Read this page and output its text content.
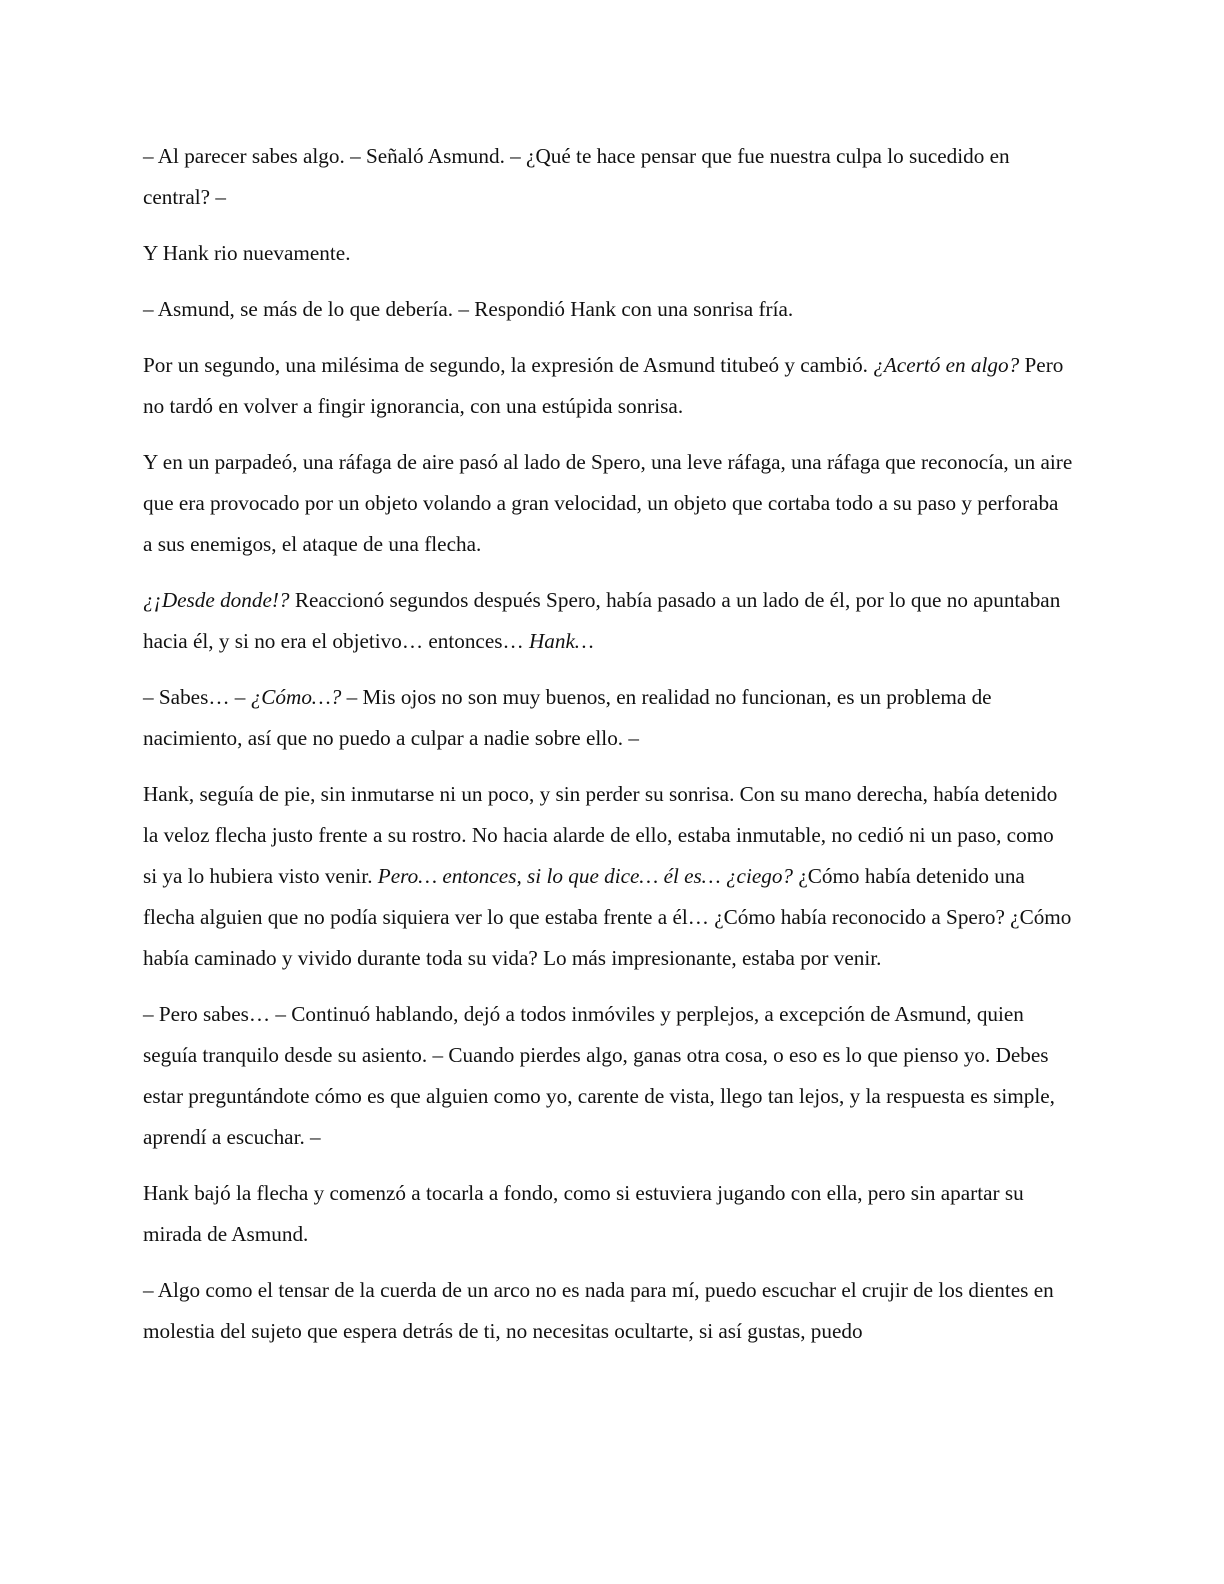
– Al parecer sabes algo. – Señaló Asmund. – ¿Qué te hace pensar que fue nuestra culpa lo sucedido en central? –

Y Hank rio nuevamente.

– Asmund, se más de lo que debería. – Respondió Hank con una sonrisa fría.

Por un segundo, una milésima de segundo, la expresión de Asmund titubeó y cambió. ¿Acertó en algo? Pero no tardó en volver a fingir ignorancia, con una estúpida sonrisa.

Y en un parpadeó, una ráfaga de aire pasó al lado de Spero, una leve ráfaga, una ráfaga que reconocía, un aire que era provocado por un objeto volando a gran velocidad, un objeto que cortaba todo a su paso y perforaba a sus enemigos, el ataque de una flecha.

¿¡Desde donde!? Reaccionó segundos después Spero, había pasado a un lado de él, por lo que no apuntaban hacia él, y si no era el objetivo… entonces… Hank…

– Sabes… – ¿Cómo…? – Mis ojos no son muy buenos, en realidad no funcionan, es un problema de nacimiento, así que no puedo a culpar a nadie sobre ello. –

Hank, seguía de pie, sin inmutarse ni un poco, y sin perder su sonrisa. Con su mano derecha, había detenido la veloz flecha justo frente a su rostro. No hacia alarde de ello, estaba inmutable, no cedió ni un paso, como si ya lo hubiera visto venir. Pero… entonces, si lo que dice… él es… ¿ciego? ¿Cómo había detenido una flecha alguien que no podía siquiera ver lo que estaba frente a él… ¿Cómo había reconocido a Spero? ¿Cómo había caminado y vivido durante toda su vida? Lo más impresionante, estaba por venir.

– Pero sabes… – Continuó hablando, dejó a todos inmóviles y perplejos, a excepción de Asmund, quien seguía tranquilo desde su asiento. – Cuando pierdes algo, ganas otra cosa, o eso es lo que pienso yo. Debes estar preguntándote cómo es que alguien como yo, carente de vista, llego tan lejos, y la respuesta es simple, aprendí a escuchar. –

Hank bajó la flecha y comenzó a tocarla a fondo, como si estuviera jugando con ella, pero sin apartar su mirada de Asmund.

– Algo como el tensar de la cuerda de un arco no es nada para mí, puedo escuchar el crujir de los dientes en molestia del sujeto que espera detrás de ti, no necesitas ocultarte, si así gustas, puedo
